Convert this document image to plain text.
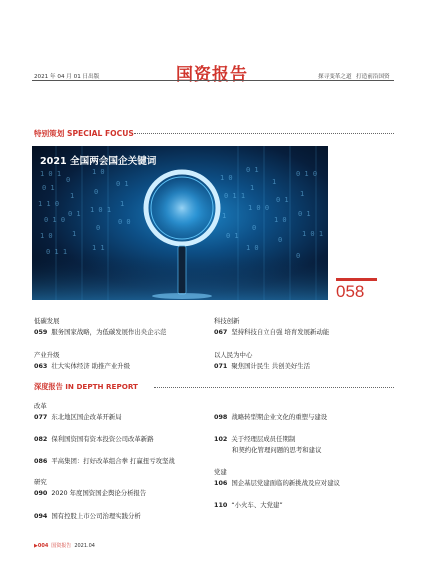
2021 年 04 月 01 日出版	国资报告	探寻变革之道 打造前沿国资
特别策划 SPECIAL FOCUS
1 0 1
0 1
1 1 0
0 1 0
1 0
0 1 1
0
1
0 1
1
1 0
0
1 0 1
0
1 1
0 1
1
0 0
1 0
0 1 1
1
0 1
0 1
1
1 0 0
0
1 0
1
0 1
1 0
0
0 1 0
1
0 1
1 0 1
2021 全国两会国企关键词
058
低碳发展
059 服务国家战略，为低碳发展作出央企示范
科技创新
067 坚持科技自立自强 培育发展新动能
产业升级
063 壮大实体经济 助推产业升级
以人民为中心
071 聚焦国计民生 共创美好生活
深度报告 IN DEPTH REPORT
改革
077 东北地区国企改革开新局
082 保利国资国有资本投资公司改革新路
086 平高集团：打好改革组合拳 打赢扭亏攻坚战
研究
090 2020 年度国资国企舆论分析报告
094 国有控股上市公司治理实践分析
098 战略转型期企业文化的重塑与建设
102 关于经理层成员任期制
和契约化管理问题的思考和建议
党建
106 国企基层党建面临的新挑战及应对建议
110 “小火车、大党建”
▶004 国资报告 2021.04
